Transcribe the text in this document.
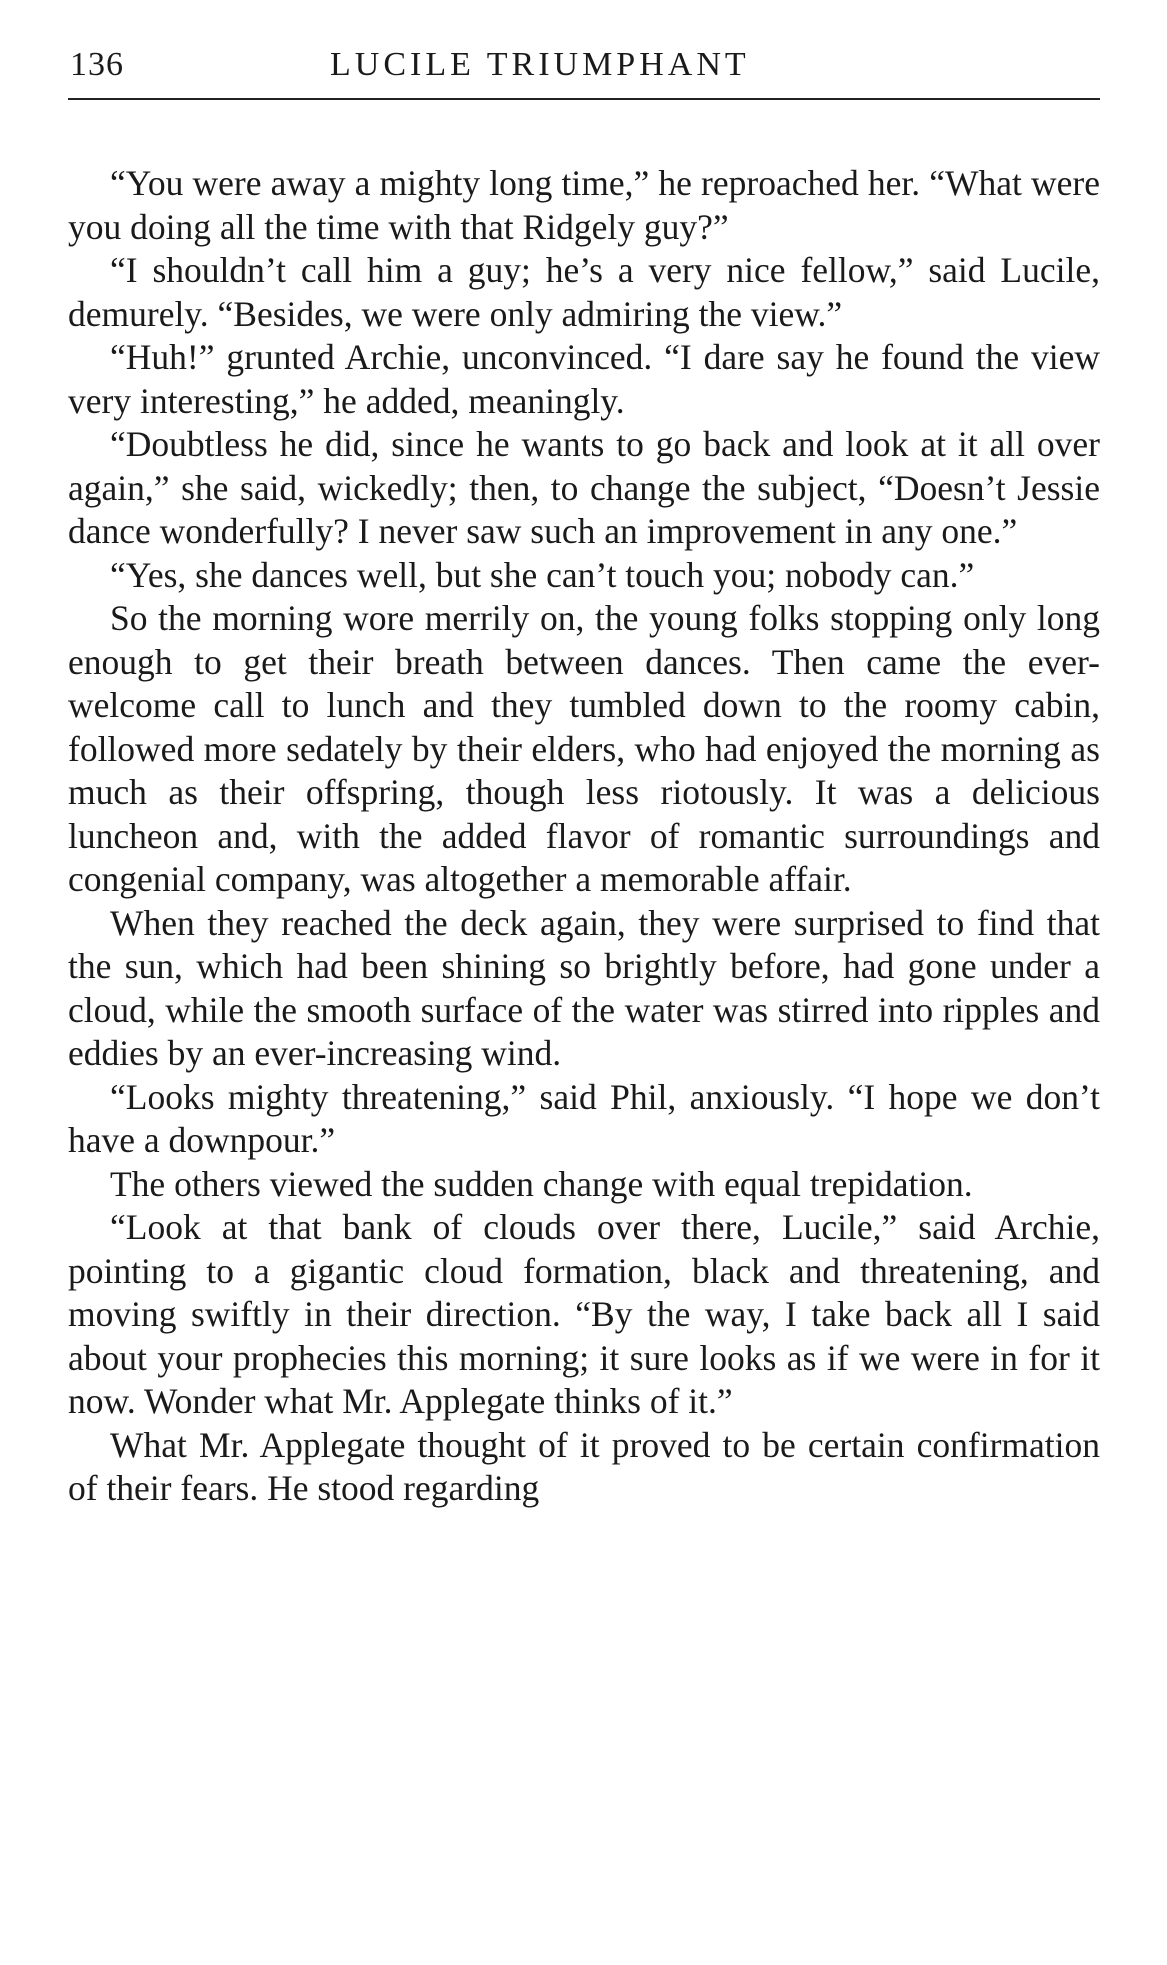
136	LUCILE TRIUMPHANT

“You were away a mighty long time,” he reproached her. “What were you doing all the time with that Ridgely guy?”

“I shouldn’t call him a guy; he’s a very nice fellow,” said Lucile, demurely. “Besides, we were only admiring the view.”

“Huh!” grunted Archie, unconvinced. “I dare say he found the view very interesting,” he added, meaningly.

“Doubtless he did, since he wants to go back and look at it all over again,” she said, wickedly; then, to change the subject, “Doesn’t Jessie dance wonderfully? I never saw such an improvement in any one.”

“Yes, she dances well, but she can’t touch you; nobody can.”

So the morning wore merrily on, the young folks stopping only long enough to get their breath between dances. Then came the ever-welcome call to lunch and they tumbled down to the roomy cabin, followed more sedately by their elders, who had enjoyed the morning as much as their offspring, though less riotously. It was a delicious luncheon and, with the added flavor of romantic surroundings and congenial company, was altogether a memorable affair.

When they reached the deck again, they were surprised to find that the sun, which had been shining so brightly before, had gone under a cloud, while the smooth surface of the water was stirred into ripples and eddies by an ever-increasing wind.

“Looks mighty threatening,” said Phil, anxiously. “I hope we don’t have a downpour.”

The others viewed the sudden change with equal trepidation.

“Look at that bank of clouds over there, Lucile,” said Archie, pointing to a gigantic cloud formation, black and threatening, and moving swiftly in their direction. “By the way, I take back all I said about your prophecies this morning; it sure looks as if we were in for it now. Wonder what Mr. Applegate thinks of it.”

What Mr. Applegate thought of it proved to be certain confirmation of their fears. He stood regarding
